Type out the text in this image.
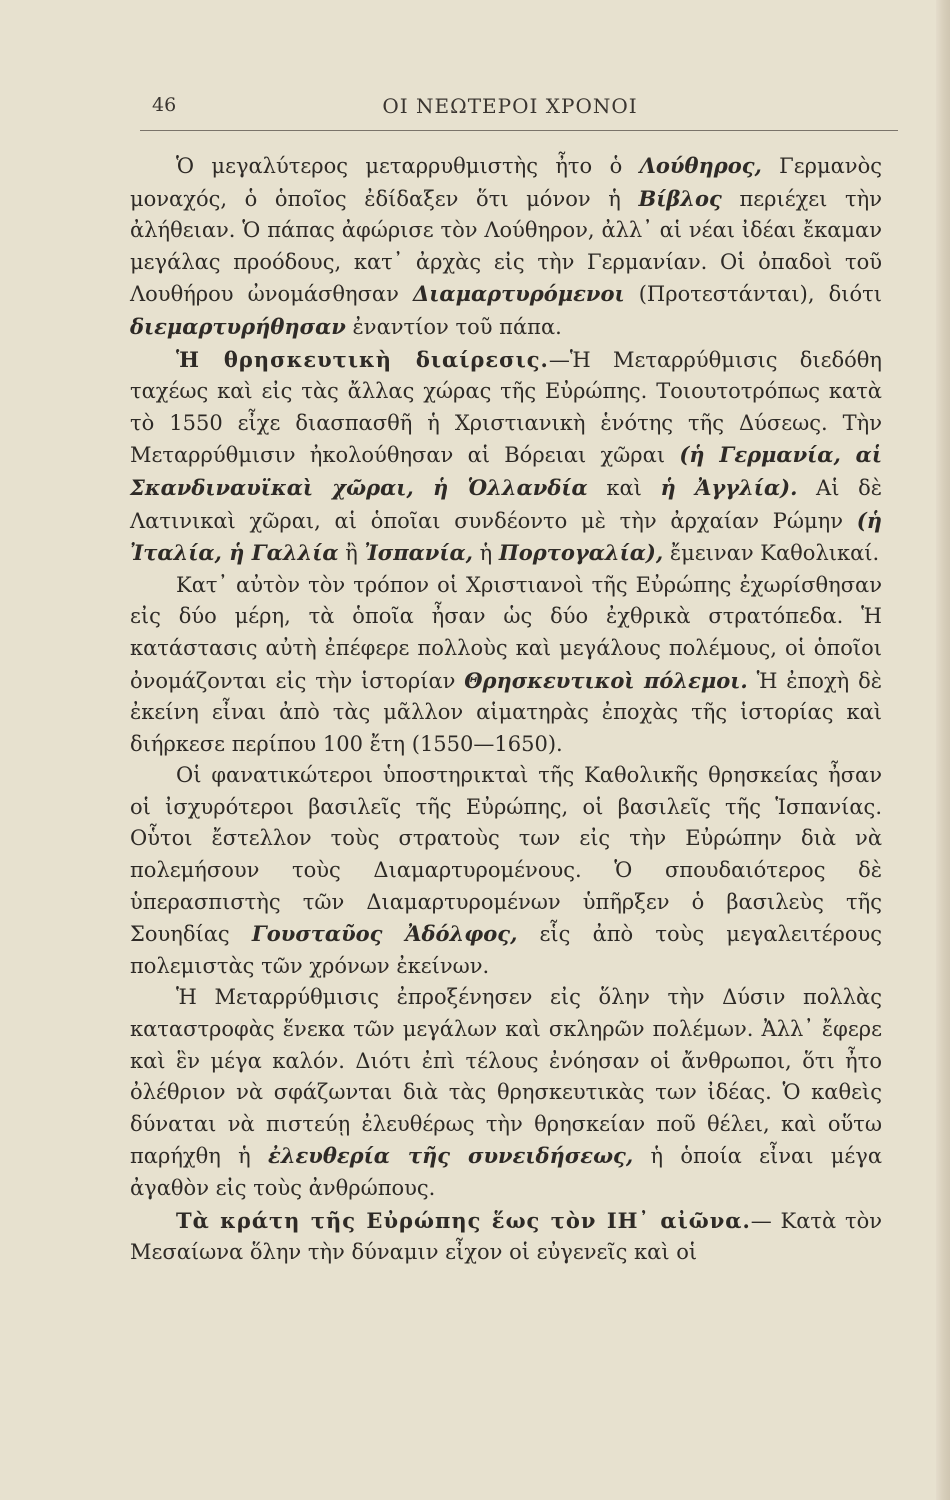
46	ΟΙ ΝΕΩΤΕΡΟΙ ΧΡΟΝΟΙ

Ὁ μεγαλύτερος μεταρρυθμιστὴς ἦτο ὁ Λούθηρος, Γερμανὸς μοναχός, ὁ ὁποῖος ἐδίδαξεν ὅτι μόνον ἡ Βίβλος περιέχει τὴν ἀλήθειαν. Ὁ πάπας ἀφώρισε τὸν Λούθηρον, ἀλλ᾽ αἱ νέαι ἰδέαι ἔκαμαν μεγάλας προόδους, κατ᾽ ἀρχὰς εἰς τὴν Γερμανίαν. Οἱ ὀπαδοὶ τοῦ Λουθήρου ὠνομάσθησαν Διαμαρτυρόμενοι (Προτεστάνται), διότι διεμαρτυρήθησαν ἐναντίον τοῦ πάπα.

Ἡ θρησκευτικὴ διαίρεσις.—Ἡ Μεταρρύθμισις διεδόθη ταχέως καὶ εἰς τὰς ἄλλας χώρας τῆς Εὐρώπης. Τοιουτοτρόπως κατὰ τὸ 1550 εἶχε διασπασθῆ ἡ Χριστιανικὴ ἑνότης τῆς Δύσεως. Τὴν Μεταρρύθμισιν ἠκολούθησαν αἱ Βόρειαι χῶραι (ἡ Γερμανία, αἱ Σκανδιναυϊκαὶ χῶραι, ἡ Ὁλλανδία καὶ ἡ Ἀγγλία). Αἱ δὲ Λατινικαὶ χῶραι, αἱ ὁποῖαι συνδέοντο μὲ τὴν ἀρχαίαν Ρώμην (ἡ Ἰταλία, ἡ Γαλλία ἢ Ἰσπανία, ἡ Πορτογαλία), ἔμειναν Καθολικαί.

Κατ᾽ αὐτὸν τὸν τρόπον οἱ Χριστιανοὶ τῆς Εὐρώπης ἐχωρίσθησαν εἰς δύο μέρη, τὰ ὁποῖα ἦσαν ὡς δύο ἐχθρικὰ στρατόπεδα. Ἡ κατάστασις αὐτὴ ἐπέφερε πολλοὺς καὶ μεγάλους πολέμους, οἱ ὁποῖοι ὀνομάζονται εἰς τὴν ἱστορίαν Θρησκευτικοὶ πόλεμοι. Ἡ ἐποχὴ δὲ ἐκείνη εἶναι ἀπὸ τὰς μᾶλλον αἱματηρὰς ἐποχὰς τῆς ἱστορίας καὶ διήρκεσε περίπου 100 ἔτη (1550—1650).

Οἱ φανατικώτεροι ὑποστηρικταὶ τῆς Καθολικῆς θρησκείας ἦσαν οἱ ἰσχυρότεροι βασιλεῖς τῆς Εὐρώπης, οἱ βασιλεῖς τῆς Ἱσπανίας. Οὗτοι ἔστελλον τοὺς στρατοὺς των εἰς τὴν Εὐρώπην διὰ νὰ πολεμήσουν τοὺς Διαμαρτυρομένους. Ὁ σπουδαιότερος δὲ ὑπερασπιστὴς τῶν Διαμαρτυρομένων ὑπῆρξεν ὁ βασιλεὺς τῆς Σουηδίας Γουσταῦος Ἀδόλφος, εἷς ἀπὸ τοὺς μεγαλειτέρους πολεμιστὰς τῶν χρόνων ἐκείνων.

Ἡ Μεταρρύθμισις ἐπροξένησεν εἰς ὅλην τὴν Δύσιν πολλὰς καταστροφὰς ἕνεκα τῶν μεγάλων καὶ σκληρῶν πολέμων. Ἀλλ᾽ ἔφερε καὶ ἓν μέγα καλόν. Διότι ἐπὶ τέλους ἐνόησαν οἱ ἄνθρωποι, ὅτι ἦτο ὀλέθριον νὰ σφάζωνται διὰ τὰς θρησκευτικὰς των ἰδέας. Ὁ καθεὶς δύναται νὰ πιστεύῃ ἐλευθέρως τὴν θρησκείαν ποῦ θέλει, καὶ οὕτω παρήχθη ἡ ἐλευθερία τῆς συνειδήσεως, ἡ ὁποία εἶναι μέγα ἀγαθὸν εἰς τοὺς ἀνθρώπους.

Τὰ κράτη τῆς Εὐρώπης ἕως τὸν ΙΗ᾽ αἰῶνα.— Κατὰ τὸν Μεσαίωνα ὅλην τὴν δύναμιν εἶχον οἱ εὐγενεῖς καὶ οἱ
